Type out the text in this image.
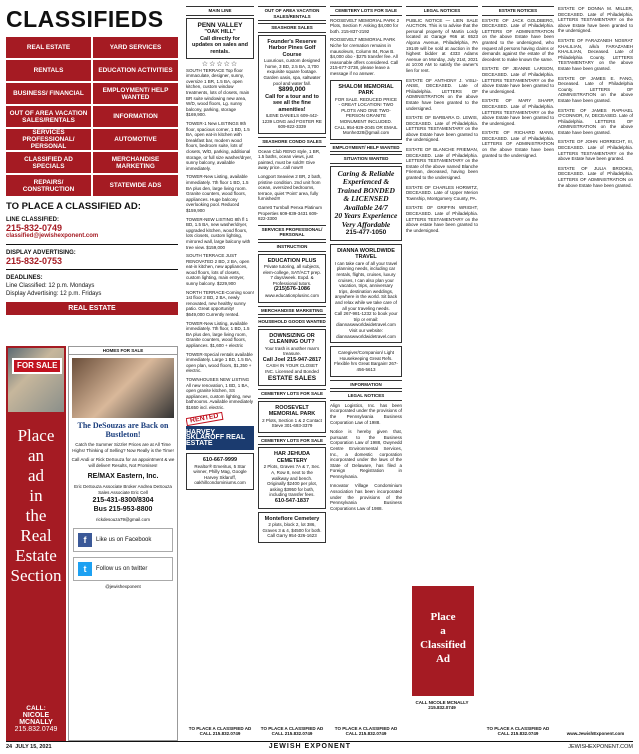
CLASSIFIEDS
REAL ESTATE	YARD SERVICES
RENTALS	EDUCATION ACTIVITIES
BUSINESS/ FINANCIAL	EMPLOYMENT/ HELP WANTED
OUT OF AREA VACATION SALES/RENTALS	INFORMATION
SERVICES PROFESSIONAL/ PERSONAL
AUTOMOTIVE
CLASSIFIED AD SPECIALS
MERCHANDISE MARKETING
REPAIRS/ CONSTRUCTION	STATEWIDE ADS
TO PLACE A CLASSIFIED AD:
LINE CLASSIFIED:
215-832-0749
classified@jewishexponent.com
DISPLAY ADVERTISING:
215-832-0753
DEADLINES:
Line Classified: 12 p.m. Mondays
Display Advertising: 12 p.m. Fridays
REAL ESTATE
FOR SALE
Place
an
ad
in
the
Real
Estate
Section
CALL:
NICOLE MCNALLY
215.832.0749
HOMES FOR SALE
The DeSouzas are Back on Bustleton!
Catch the Summer Sizzle! Prices are at All Time Highs! Thinking of Selling? Now Really is the Time!
Call Andi or Rick DeSouza for an appointment & we will deliver! Results, Not Promises!
RE/MAX Eastern, Inc.
Eric DeSouza Associate Broker Andrea DeSouza Sales Associate Eric Cell
215-431-8300/8304
Bus 215-953-8800
rickdesouza79@gmail.com
f	Like us on Facebook
t	Follow us on twitter
@jewishexponent
MAIN LINE
PENN VALLEY
"OAK HILL"
Call directly for updates on sales and rentals.
☆☆☆☆☆
SOUTH TERRACE Top floor immaculate, designer, sunny, oversize 1 BR, 1.5 BA, open kitchen, custom window treatments, lots of closets, main BR suite windowing new area, W/D, wood floors, Lg. sunny balcony, parking, storage $169,900.
TOWER-1 New LISTINGS 9th floor, spacious corner, 1 BD, 1.5 BA, open eat-in kitchen with breakfast bar, modern wood floors, bedroom suite, lots of closets, W/D, parking, additional storage, or full size washer/dryer, sunny balcony, available immediately.
TOWER-New Listing, available immediately. 7th floor 1 BD, 1.5 BA plus den, large living room. Granite counters, wood floors, appliances. Huge balcony overlooking pool. Reduced $159,900
TOWER-NEW LISTING 8th fl 1 BD, 1.5 BA, new washer/dryer, upgraded kitchen, wood floors, lots closets, custom lighting, mirrored wall, large balcony with tree view. $159,000
SOUTH TERRACE JUST RENOVATED 2 BD, 2 BA, open eat-in kitchen, new appliances, wood floors, lots of closets, custom lighting, main entryer, sunny balcony. $229,900
NORTH TERRACE-Coming soon! 1st floor 2 BD, 2 BA, newly renovated, new healthy sunny patio. Great opportunity! $649,000 Currently rented.
TOWER-New Listing, available immediately. 7th floor, 1 BD, 1.5 BA plus den, large living room, Granite counters, wood floors, appliances. $1,600 + electric
TOWER-Special rentals available immediately. Large 1 BD, 1.5 BA, open plan, wood floors, $1,350 + electric.
TOWNHOUSES NEW LISTING All new renovation, 1 BD, 1 BA, open granite kitchen, SS appliances, custom lighting, new bathrooms. Available immediately $1650 incl. electric.
RENTED
HARVEY SKLAROFF REAL ESTATE
610-667-9999
Realtor® Emeritus, 5 Star winner, Philly Mag, Google Harvey Sklaroff, oakhillcondominiums.com
TO PLACE A CLASSIFIED AD CALL 215.832.0749
OUT OF AREA VACATION SALES/RENTALS
SEASHORE SALES
Founder's Reserve Harbor Pines Golf Course
Luxurious, custom designed home, 3 BD, 2.5 BA, 3,700 exquisite square footage. Garden oasis, spa, saltwater pool and water fall.
$899,000
Call for a tour and to see all the fine amenities!
ILENE DANIELS 609-442-1239 LONG and FOSTER RE 609-822-3339
SEASHORE CONDO SALES
Ocean Club RENO style, 1 BR, 1.5 baths, ocean views, just painted, must be sold!!! Give away price...call now!!!
Longport Seaview 2 BR, 2 bath, pristine condition. 2nd unit from ocean, oversized bedrooms, terrace, quiet 'Point' area, fully furnished!!!
Garrett Turnbull Penxa Platinum Properties 609-839-3431 609-822-3300
SERVICES PROFESSIONAL/ PERSONAL
INSTRUCTION
EDUCATION PLUS
Private tutoring, all subjects, elem-college, SAT/ACT prep. 7 days/week. Expd. & Professional tutors.
(215)576-1086
www.educationplusinc.com
MERCHANDISE MARKETING
HOUSEHOLD GOODS WANTED
DOWNSIZING OR CLEANING OUT?
Your trash is another man's treasure.
Call Joel 215-947-2817
CASH IN YOUR CLOSET INC. Licensed and Bonded
ESTATE SALES
CEMETERY LOTS FOR SALE
ROOSEVELT MEMORIAL PARK
2 Plots, Section 1 & 2 Contact Steve 301-693-3379
CEMETERY LOTS FOR SALE
HAR JEHUDA CEMETERY
2 Plots, Graves 7A & 7, Sec. A, Row 8, next to the walkway and bench. Originally $2400 per plot, asking $3950 for both, including transfer fees.
610-547-1837
Montefiore Cemetery
2 plots, block 2, lot 386, Graves 3 & 4, $4500 for both. Call Garry 954-326-1623
TO PLACE A CLASSIFIED AD CALL 215.832.0749
CEMETERY LOTS FOR SALE
ROOSEVELT MEMORIAL PARK 2 Plots, Section F. Asking $4,000 for both. 215-837-2192
ROOSEVELT MEMORIAL PARK Niche for cremation remains in mausoleum, Column 84, Row B. $4,000 obo - $275 transfer fee. All reasonable offers considered. Call 215-677-3738, please leave a message if no answer.
SHALOM MEMORIAL PARK
FOR SALE. REDUCED PRICE - GREAT LOCATION! TWO PLOTS AND ONE TWO-PERSON GRANITE MONUMENT INCLUDED. CALL 954-929-2045 OR EMAIL Monhe328@gmail.com
EMPLOYMENT/ HELP WANTED
SITUATION WANTED
Caring & Reliable Experienced & Trained BONDED & LICENSED Available 24/7
20 Years Experience Very Affordable
215-477-1050
DIANNA WORLDWIDE TRAVEL
I can take care of all your travel planning needs, including car rentals, flights, cruises, luxury cruises, I can also plan your vacation, trips, anniversary trips, destination weddings, anywhere in the world. Sit back and relax while we take care of all your traveling needs.
Call 267-981-1232 to book your trip or email: diannaswworldwidetravel.com
Visit our website: diannaswworldwidetravel.com
Caregiver/Companion/ Light Housekeeping Great Refs. Flexible hrs Great Bargain! 267-456-5613
INFORMATION
LEGAL NOTICES
Align Logistics, Inc. has been incorporated under the provisions of the Pennsylvania Business Corporation Law of 1988.
Notice is hereby given that, pursuant to the Business Corporation Law of 1988, Gwynedd Centre Environmental Services, Inc., a domestic corporation incorporated under the laws of the State of Delaware, has filed a Foreign Registration in Pennsylvania.
Innovator Village Condominium Association has been incorporated under the provisions of the Pennsylvania Business Corporations Law of 1988.
TO PLACE A CLASSIFIED AD CALL 215.832.0749
LEGAL NOTICES
PUBLIC NOTICE — LIEN SALE AUCTION. This is to advise that the personal property of Martin Lordy located at Garage #66 at 6523 Algona Avenue, Philadelphia, PA 19149 will be sold at auction in the highest bidder at 4333 Adams Avenue on Monday, July 21st, 2021 at 10:00 AM to satisfy the owner's lien for rent.
ESTATE OF ANTHONY J. VISLI-ANSE, DECEASED. Late of Philadelphia. LETTERS OF ADMINISTRATION on the above Estate have been granted to the undersigned.
ESTATE OF BARBARA D. LEWIS, DECEASED. Late of Philadelphia. LETTERS TESTAMENTARY on the above Estate have been granted to the undersigned.
ESTATE OF BLANCHE FRIEMAN, DECEASED. Late of Philadelphia. LETTERS TESTAMENTARY on the Estate of the above named Blanche Frieman, deceased, having been granted to the undersigned.
ESTATE OF CHARLES HORWITZ, DECEASED. Late of Upper Merion Township, Montgomery County, PA.
ESTATE OF GRIFFIN WRIGHT, DECEASED. Late of Philadelphia. LETTERS TESTAMENTARY on the above estate have been granted to the undersigned.
Place
a
Classified Ad
CALL NICOLE MCNALLY 215.832.0749
ESTATE NOTICES
ESTATE OF JACK GOLDBERG, DECEASED. Late of Philadelphia. LETTERS OF ADMINISTRATION on the above Estate have been granted to the undersigned, who request all persons having claims or demands against the estate of the decedent to make known the same.
ESTATE OF JEANNE LARSON, DECEASED. Late of Philadelphia. LETTERS TESTAMENTARY on the above Estate have been granted to the undersigned.
ESTATE OF MARY SHARP, DECEASED. Late of Philadelphia. LETTERS TESTAMENTARY on the above Estate have been granted to the undersigned.
ESTATE OF RICHARD MANN, DECEASED. Late of Philadelphia. LETTERS OF ADMINISTRATION on the above Estate have been granted to the undersigned.
TO PLACE A CLASSIFIED AD CALL 215.832.0749
ESTATE OF DONNA M. MILLER, DECEASED. Late of Philadelphia. LETTERS TESTAMENTARY on the above Estate have been granted to the undersigned.
ESTATE OF FARAZANEH NOSRAT KHALILIAN, a/k/a FARAZANEH KHALILIAN, Deceased. Late of Philadelphia County. LETTERS TESTAMENTARY on the above Estate have been granted.
ESTATE OF JAMES E. FANG, Deceased. Late of Philadelphia County. LETTERS OF ADMINISTRATION on the above Estate have been granted.
ESTATE OF JAMES RAPHAEL O'CONNOR, IV, DECEASED. Late of Philadelphia. LETTERS OF ADMINISTRATION on the above Estate have been granted.
ESTATE OF JOHN HORRECHT, III, DECEASED. Late of Philadelphia. LETTERS TESTAMENTARY on the above Estate have been granted.
ESTATE OF JULIA BROOKS, DECEASED. Late of Philadelphia. LETTERS OF ADMINISTRATION on the above Estate have been granted.
www.JewishExponent.com
24 JULY 15, 2021	JEWISH EXPONENT	JEWISHEXPONENT.COM
